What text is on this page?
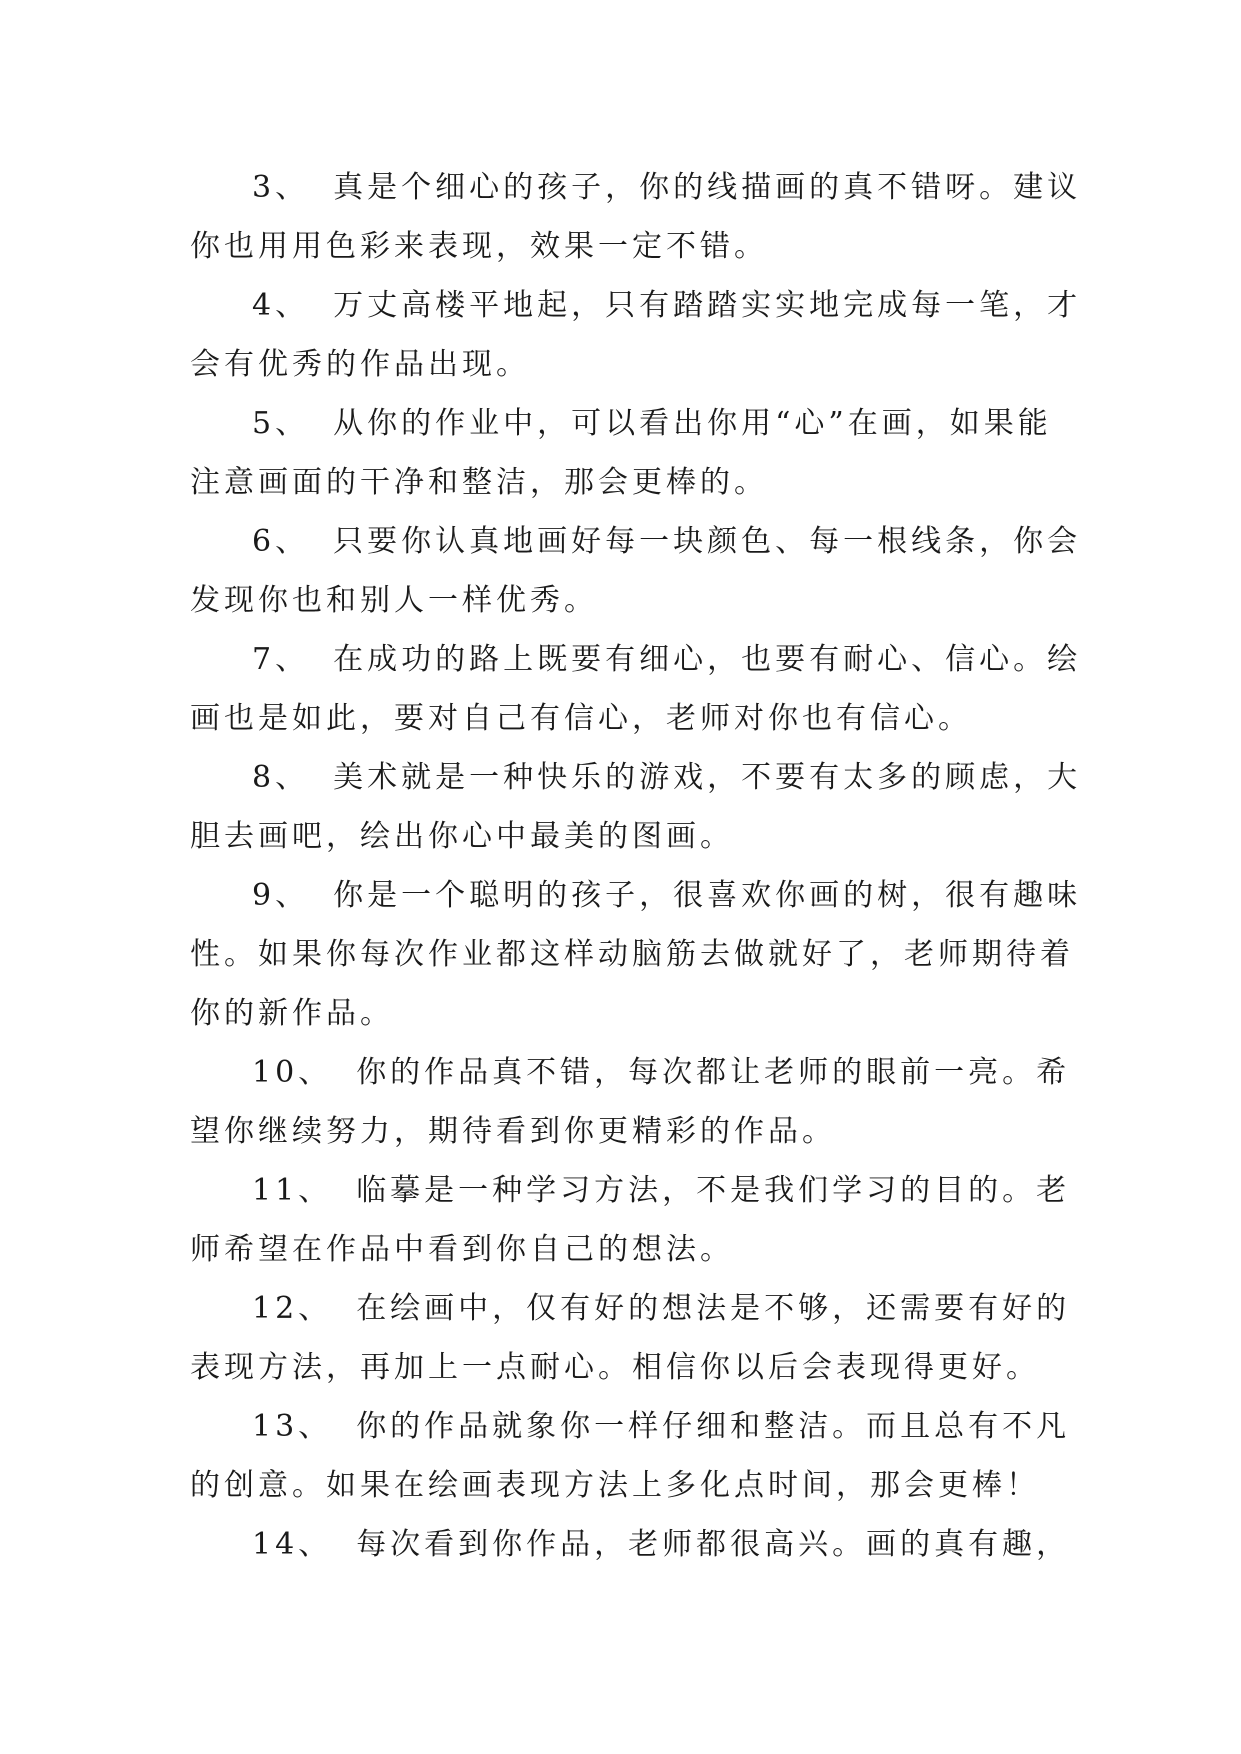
3、 真是个细心的孩子，你的线描画的真不错呀。建议
你也用用色彩来表现，效果一定不错。

4、 万丈高楼平地起，只有踏踏实实地完成每一笔，才
会有优秀的作品出现。

5、 从你的作业中，可以看出你用“心”在画，如果能
注意画面的干净和整洁，那会更棒的。

6、 只要你认真地画好每一块颜色、每一根线条，你会
发现你也和别人一样优秀。

7、 在成功的路上既要有细心，也要有耐心、信心。绘
画也是如此，要对自己有信心，老师对你也有信心。

8、 美术就是一种快乐的游戏，不要有太多的顾虑，大
胆去画吧，绘出你心中最美的图画。

9、 你是一个聪明的孩子，很喜欢你画的树，很有趣味
性。如果你每次作业都这样动脑筋去做就好了，老师期待着
你的新作品。

10、 你的作品真不错，每次都让老师的眼前一亮。希
望你继续努力，期待看到你更精彩的作品。

11、 临摹是一种学习方法，不是我们学习的目的。老
师希望在作品中看到你自己的想法。

12、 在绘画中，仅有好的想法是不够，还需要有好的
表现方法，再加上一点耐心。相信你以后会表现得更好。

13、 你的作品就象你一样仔细和整洁。而且总有不凡
的创意。如果在绘画表现方法上多化点时间，那会更棒！

14、 每次看到你作品，老师都很高兴。画的真有趣，
